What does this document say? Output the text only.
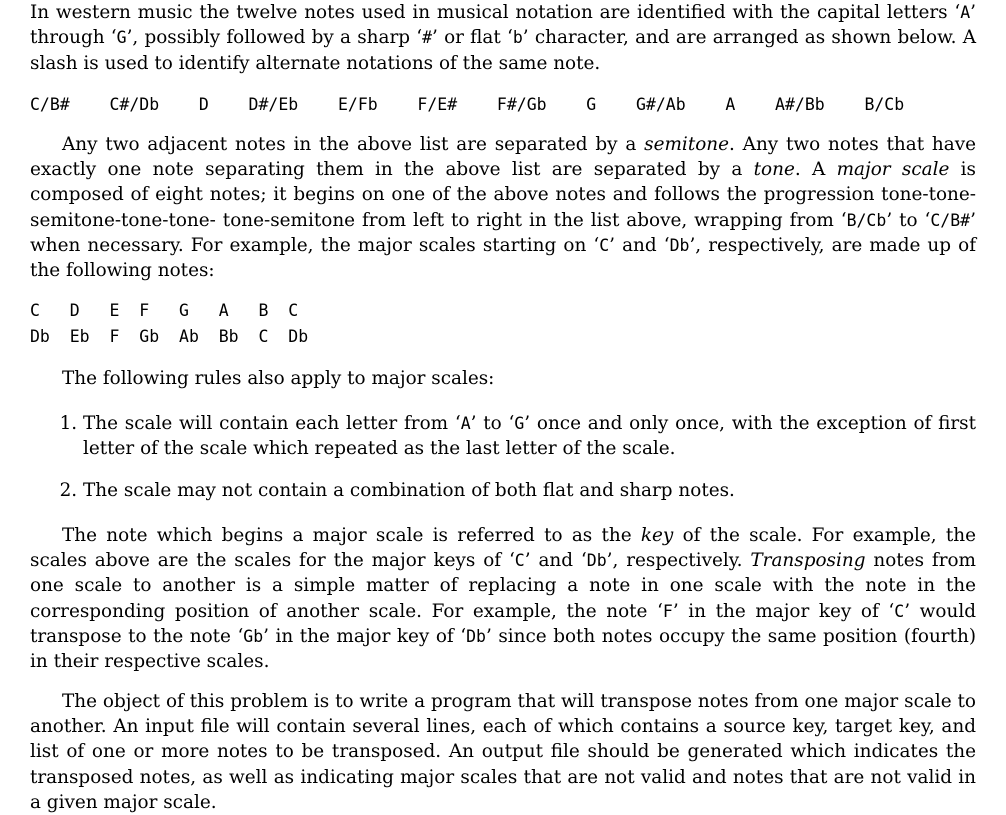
In western music the twelve notes used in musical notation are identified with the capital letters ‘A’ through ‘G’, possibly followed by a sharp ‘#’ or flat ‘b’ character, and are arranged as shown below. A slash is used to identify alternate notations of the same note.

C/B#    C#/Db    D    D#/Eb    E/Fb    F/E#    F#/Gb    G    G#/Ab    A    A#/Bb    B/Cb

Any two adjacent notes in the above list are separated by a semitone. Any two notes that have exactly one note separating them in the above list are separated by a tone. A major scale is composed of eight notes; it begins on one of the above notes and follows the progression tone-tone-semitone-tone-tone- tone-semitone from left to right in the list above, wrapping from ‘B/Cb’ to ‘C/B#’ when necessary. For example, the major scales starting on ‘C’ and ‘Db’, respectively, are made up of the following notes:

C   D   E  F   G   A   B  C
Db  Eb  F  Gb  Ab  Bb  C  Db

The following rules also apply to major scales:

1. The scale will contain each letter from ‘A’ to ‘G’ once and only once, with the exception of first letter of the scale which repeated as the last letter of the scale.
2. The scale may not contain a combination of both flat and sharp notes.

The note which begins a major scale is referred to as the key of the scale. For example, the scales above are the scales for the major keys of ‘C’ and ‘Db’, respectively. Transposing notes from one scale to another is a simple matter of replacing a note in one scale with the note in the corresponding position of another scale. For example, the note ‘F’ in the major key of ‘C’ would transpose to the note ‘Gb’ in the major key of ‘Db’ since both notes occupy the same position (fourth) in their respective scales.

The object of this problem is to write a program that will transpose notes from one major scale to another. An input file will contain several lines, each of which contains a source key, target key, and list of one or more notes to be transposed. An output file should be generated which indicates the transposed notes, as well as indicating major scales that are not valid and notes that are not valid in a given major scale.
